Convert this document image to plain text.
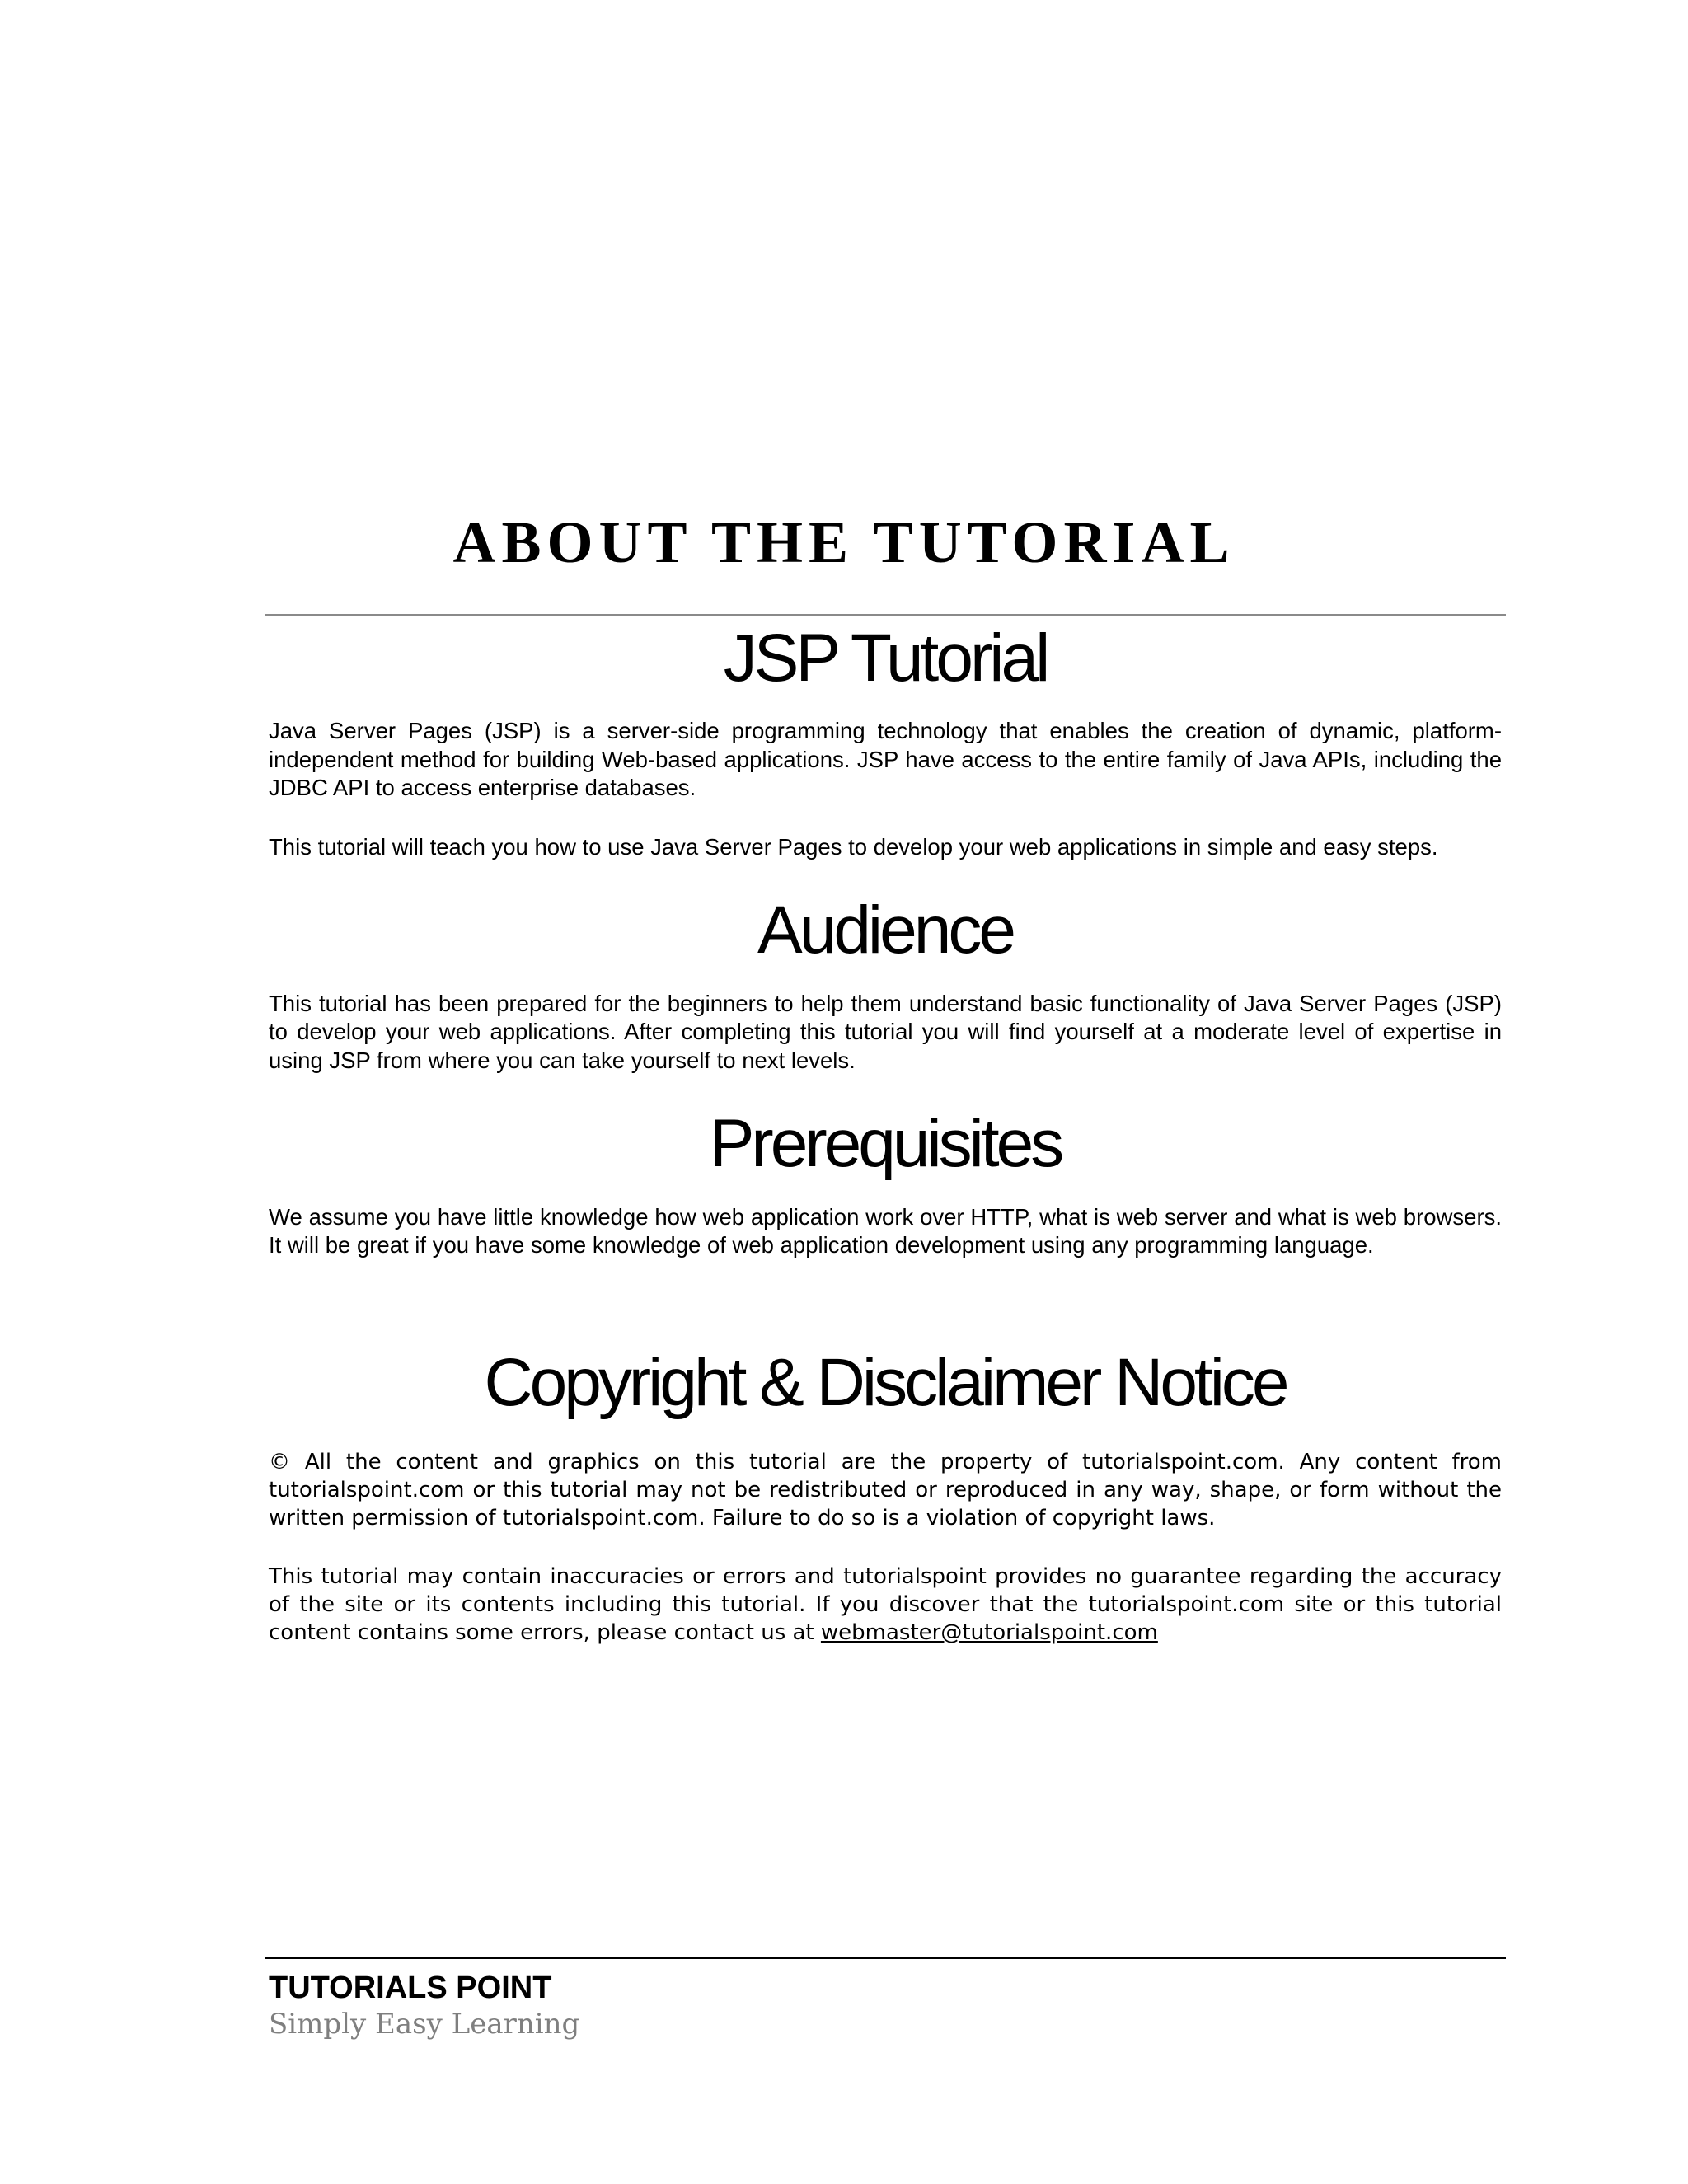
ABOUT THE TUTORIAL
JSP Tutorial

Java Server Pages (JSP) is a server-side programming technology that enables the creation of dynamic, platform-independent method for building Web-based applications. JSP have access to the entire family of Java APIs, including the JDBC API to access enterprise databases.

This tutorial will teach you how to use Java Server Pages to develop your web applications in simple and easy steps.

Audience

This tutorial has been prepared for the beginners to help them understand basic functionality of Java Server Pages (JSP) to develop your web applications. After completing this tutorial you will find yourself at a moderate level of expertise in using JSP from where you can take yourself to next levels.

Prerequisites

We assume you have little knowledge how web application work over HTTP, what is web server and what is web browsers. It will be great if you have some knowledge of web application development using any programming language.

Copyright & Disclaimer Notice

© All the content and graphics on this tutorial are the property of tutorialspoint.com. Any content from tutorialspoint.com or this tutorial may not be redistributed or reproduced in any way, shape, or form without the written permission of tutorialspoint.com. Failure to do so is a violation of copyright laws.

This tutorial may contain inaccuracies or errors and tutorialspoint provides no guarantee regarding the accuracy of the site or its contents including this tutorial. If you discover that the tutorialspoint.com site or this tutorial content contains some errors, please contact us at webmaster@tutorialspoint.com

TUTORIALS POINT
Simply Easy Learning
